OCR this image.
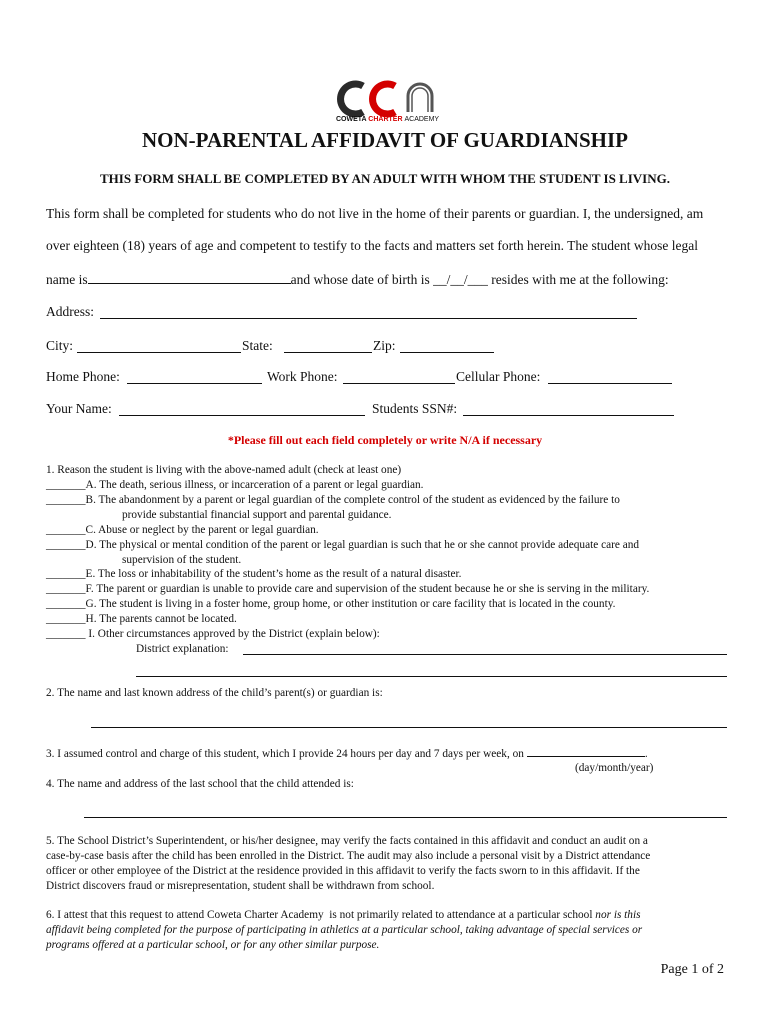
COWETA CHARTER ACADEMY
NON-PARENTAL AFFIDAVIT OF GUARDIANSHIP
THIS FORM SHALL BE COMPLETED BY AN ADULT WITH WHOM THE STUDENT IS LIVING.
This form shall be completed for students who do not live in the home of their parents or guardian. I, the undersigned, am
over eighteen (18) years of age and competent to testify to the facts and matters set forth herein. The student whose legal
name is	and whose date of birth is __/__/___ resides with me at the following:
Address:
City:	State:	Zip:
Home Phone:	Work Phone:	Cellular Phone:
Your Name:	Students SSN#:
*Please fill out each field completely or write N/A if necessary
1. Reason the student is living with the above-named adult (check at least one)
_______A. The death, serious illness, or incarceration of a parent or legal guardian.
_______B. The abandonment by a parent or legal guardian of the complete control of the student as evidenced by the failure to
provide substantial financial support and parental guidance.
_______C. Abuse or neglect by the parent or legal guardian.
_______D. The physical or mental condition of the parent or legal guardian is such that he or she cannot provide adequate care and
supervision of the student.
_______E. The loss or inhabitability of the student’s home as the result of a natural disaster.
_______F. The parent or guardian is unable to provide care and supervision of the student because he or she is serving in the military.
_______G. The student is living in a foster home, group home, or other institution or care facility that is located in the county.
_______H. The parents cannot be located.
_______ I. Other circumstances approved by the District (explain below):
District explanation:
2. The name and last known address of the child’s parent(s) or guardian is:
3. I assumed control and charge of this student, which I provide 24 hours per day and 7 days per week, on	.
(day/month/year)
4. The name and address of the last school that the child attended is:
5. The School District’s Superintendent, or his/her designee, may verify the facts contained in this affidavit and conduct an audit on a
case-by-case basis after the child has been enrolled in the District. The audit may also include a personal visit by a District attendance
officer or other employee of the District at the residence provided in this affidavit to verify the facts sworn to in this affidavit. If the
District discovers fraud or misrepresentation, student shall be withdrawn from school.
6. I attest that this request to attend Coweta Charter Academy  is not primarily related to attendance at a particular school nor is this
affidavit being completed for the purpose of participating in athletics at a particular school, taking advantage of special services or
programs offered at a particular school, or for any other similar purpose.
Page 1 of 2
